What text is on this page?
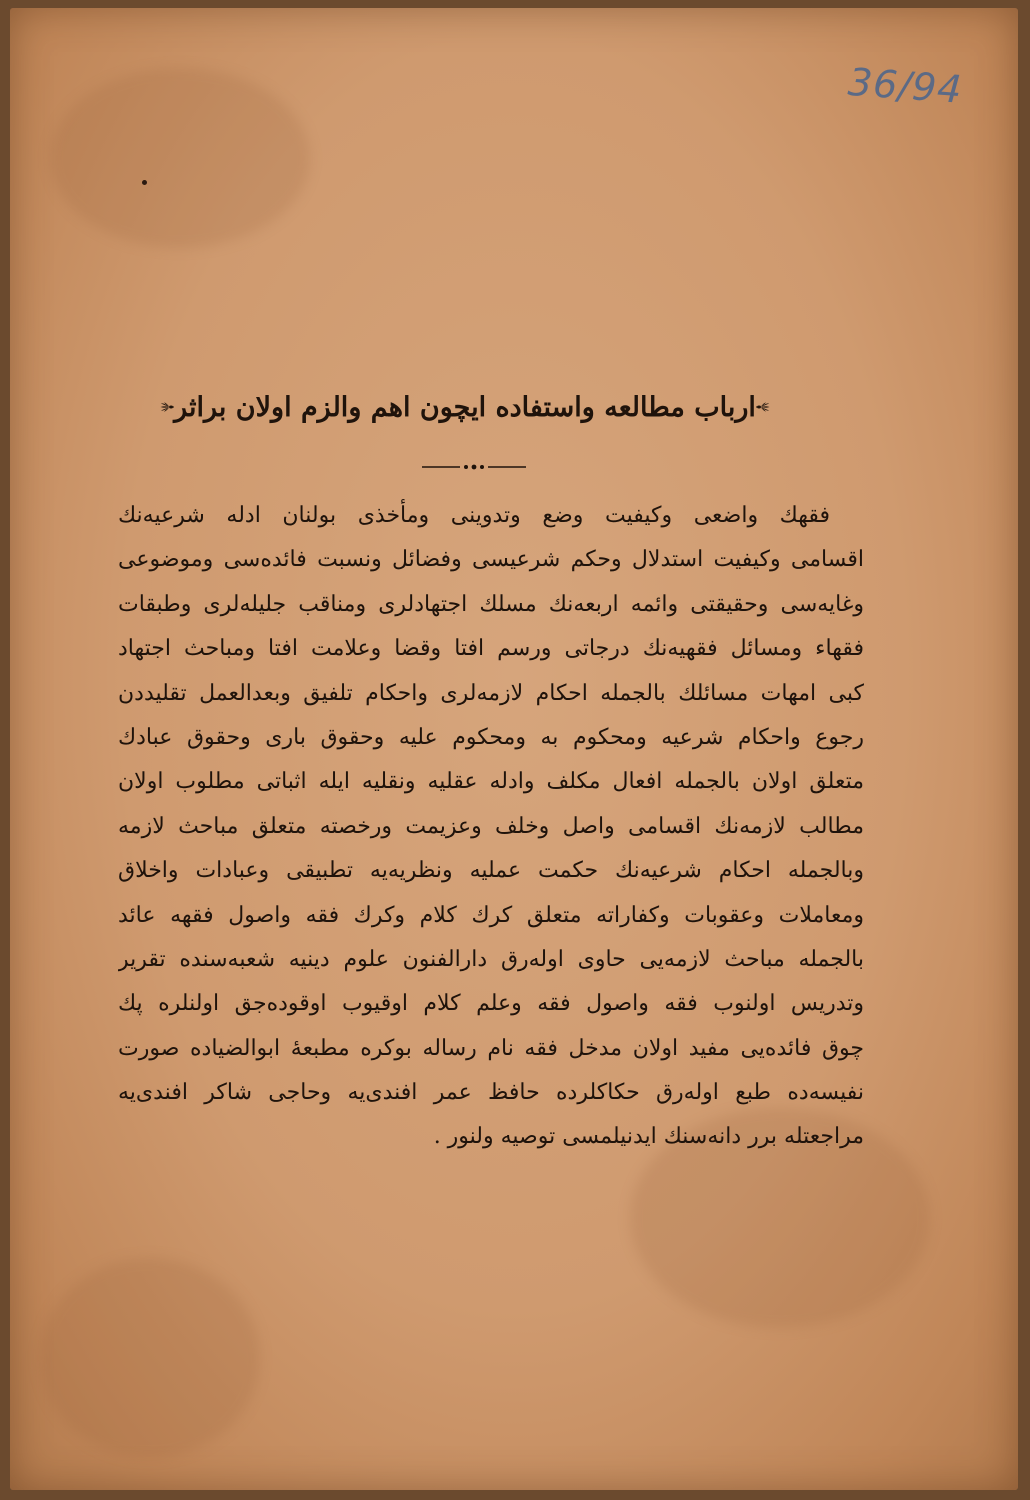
36/94
ارباب مطالعه واستفاده ایچون اهم والزم اولان براثر
فقهك واضعی وكيفيت وضع وتدوينی ومأخذی بولنان ادله شرعيه‌نك
اقسامی وكيفيت استدلال وحكم شرعيسی وفضائل ونسبت فائده‌سی وموضوعی
وغايه‌سی وحقيقتی وائمه اربعه‌نك مسلك اجتهادلری ومناقب جليله‌لری وطبقات
فقهاء ومسائل فقهيه‌نك درجاتی ورسم افتا وقضا وعلامت افتا ومباحث اجتهاد
كبی امهات مسائلك بالجمله احكام لازمه‌لری واحكام تلفيق وبعدالعمل تقليددن
رجوع واحكام شرعيه ومحكوم به ومحكوم عليه وحقوق باری وحقوق عبادك
متعلق اولان بالجمله افعال مكلف وادله عقليه ونقليه ايله اثباتی مطلوب اولان
مطالب لازمه‌نك اقسامی واصل وخلف وعزيمت ورخصته متعلق مباحث لازمه
وبالجمله احكام شرعيه‌نك حكمت عمليه ونظريه‌يه تطبيقی وعبادات واخلاق
ومعاملات وعقوبات وكفاراته متعلق كرك كلام وكرك فقه واصول فقهه عائد
بالجمله مباحث لازمه‌يی حاوی اوله‌رق دارالفنون علوم دينيه شعبه‌سنده تقرير
وتدريس اولنوب فقه واصول فقه وعلم كلام اوقيوب اوقوده‌جق اولنلره پك
چوق فائده‌يی مفيد اولان مدخل فقه نام رساله بوكره مطبعهٔ ابوالضياده صورت
نفيسه‌ده طبع اوله‌رق حكاكلرده حافظ عمر افندی‌يه وحاجی شاكر افندی‌يه
مراجعتله برر دانه‌سنك ايدنيلمسی توصيه ولنور .
